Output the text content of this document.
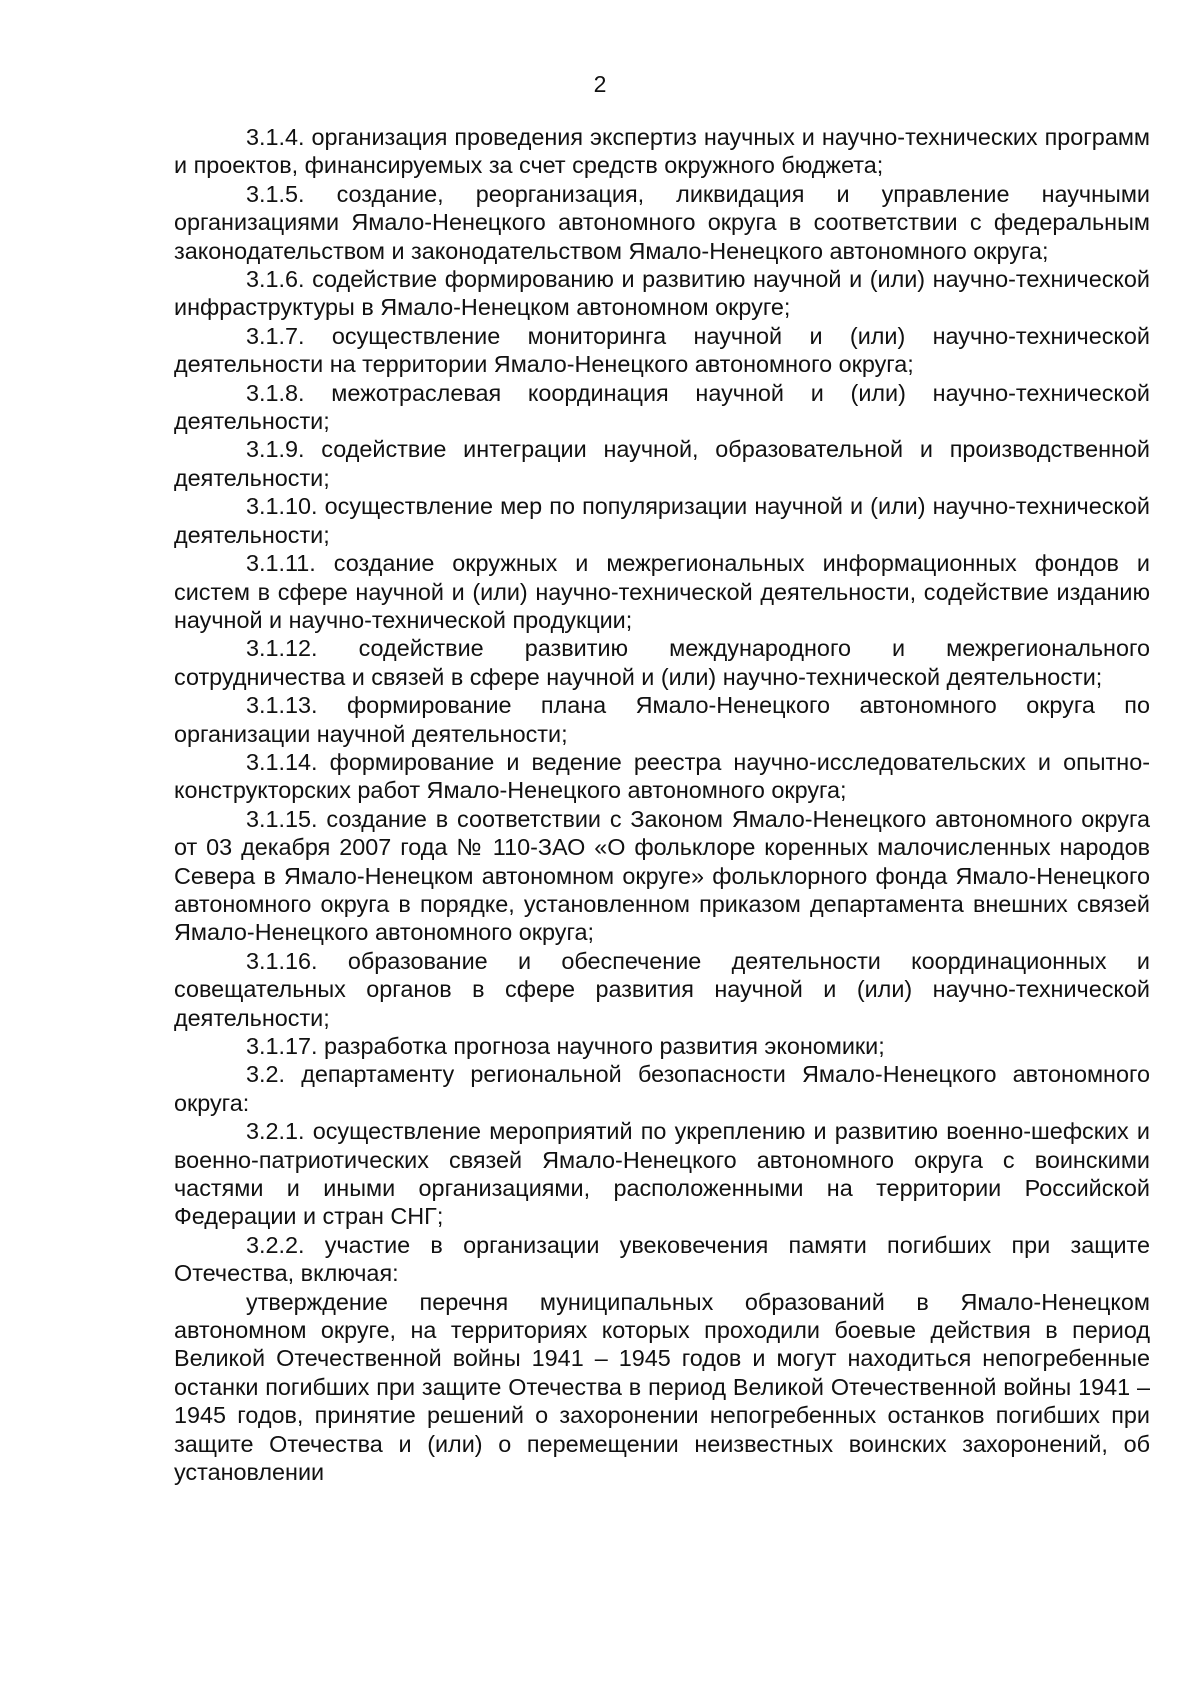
2

3.1.4. организация проведения экспертиз научных и научно-технических программ и проектов, финансируемых за счет средств окружного бюджета;

3.1.5. создание, реорганизация, ликвидация и управление научными организациями Ямало-Ненецкого автономного округа в соответствии с федеральным законодательством и законодательством Ямало-Ненецкого автономного округа;

3.1.6. содействие формированию и развитию научной и (или) научно-технической инфраструктуры в Ямало-Ненецком автономном округе;

3.1.7. осуществление мониторинга научной и (или) научно-технической деятельности на территории Ямало-Ненецкого автономного округа;

3.1.8. межотраслевая координация научной и (или) научно-технической деятельности;

3.1.9. содействие интеграции научной, образовательной и производственной деятельности;

3.1.10. осуществление мер по популяризации научной и (или) научно-технической деятельности;

3.1.11. создание окружных и межрегиональных информационных фондов и систем в сфере научной и (или) научно-технической деятельности, содействие изданию научной и научно-технической продукции;

3.1.12. содействие развитию международного и межрегионального сотрудничества и связей в сфере научной и (или) научно-технической деятельности;

3.1.13. формирование плана Ямало-Ненецкого автономного округа по организации научной деятельности;

3.1.14. формирование и ведение реестра научно-исследовательских и опытно-конструкторских работ Ямало-Ненецкого автономного округа;

3.1.15. создание в соответствии с Законом Ямало-Ненецкого автономного округа от 03 декабря 2007 года № 110-ЗАО «О фольклоре коренных малочисленных народов Севера в Ямало-Ненецком автономном округе» фольклорного фонда Ямало-Ненецкого автономного округа в порядке, установленном приказом департамента внешних связей Ямало-Ненецкого автономного округа;

3.1.16. образование и обеспечение деятельности координационных и совещательных органов в сфере развития научной и (или) научно-технической деятельности;

3.1.17. разработка прогноза научного развития экономики;

3.2. департаменту региональной безопасности Ямало-Ненецкого автономного округа:

3.2.1. осуществление мероприятий по укреплению и развитию военно-шефских и военно-патриотических связей Ямало-Ненецкого автономного округа с воинскими частями и иными организациями, расположенными на территории Российской Федерации и стран СНГ;

3.2.2. участие в организации увековечения памяти погибших при защите Отечества, включая:

утверждение перечня муниципальных образований в Ямало-Ненецком автономном округе, на территориях которых проходили боевые действия в период Великой Отечественной войны 1941 – 1945 годов и могут находиться непогребенные останки погибших при защите Отечества в период Великой Отечественной войны 1941 – 1945 годов, принятие решений о захоронении непогребенных останков погибших при защите Отечества и (или) о перемещении неизвестных воинских захоронений, об установлении
